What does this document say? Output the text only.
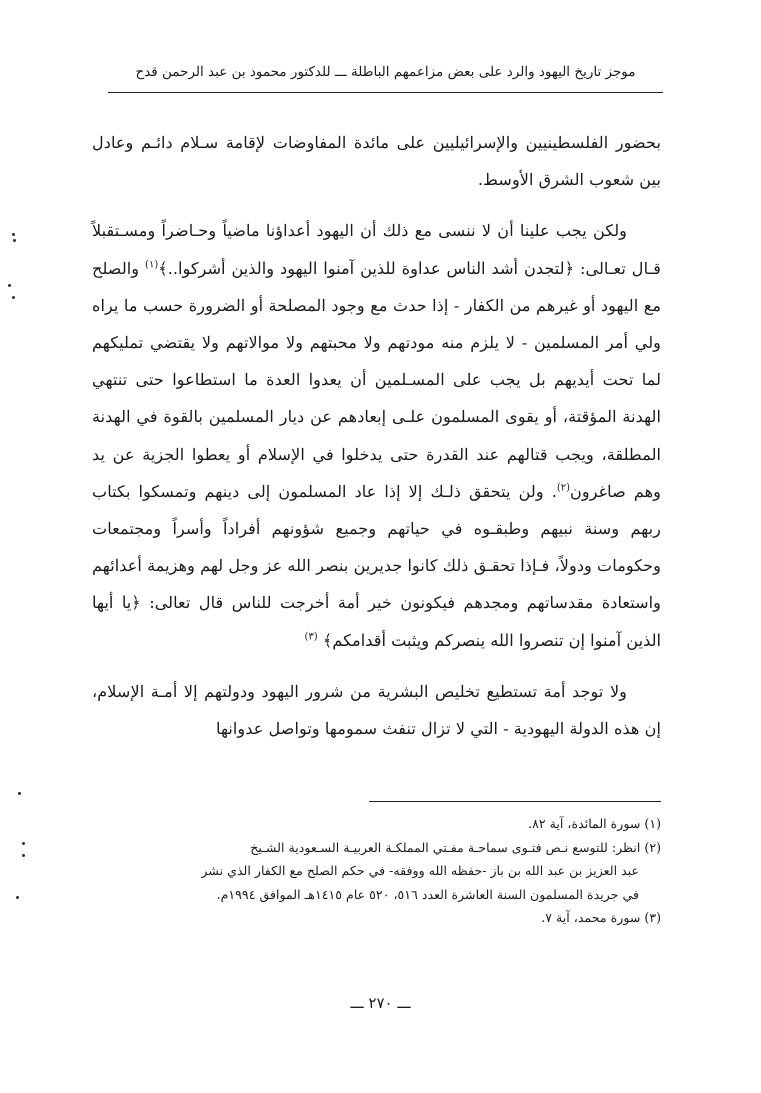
موجز تاريخ اليهود والرد على بعض مزاعمهم الباطلة ـــ للدكتور محمود بن عبد الرحمن قدح

بحضور الفلسطينيين والإسرائيليين على مائدة المفاوضات لإقامة سـلام دائـم وعادل بين شعوب الشرق الأوسط.

ولكن يجب علينا أن لا ننسى مع ذلك أن اليهود أعداؤنا ماضياً وحـاضراً ومسـتقبلاً قـال تعـالى: ﴿لتجدن أشد الناس عداوة للذين آمنوا اليهود والذين أشركوا..﴾$^{(١)}$ والصلح مع اليهود أو غيرهم من الكفار - إذا حدث مع وجود المصلحة أو الضرورة حسب ما يراه ولي أمر المسلمين - لا يلزم منه مودتهم ولا محبتهم ولا موالاتهم ولا يقتضي تمليكهم لما تحت أيديهم بل يجب على المسـلمين أن يعدوا العدة ما استطاعوا حتى تنتهي الهدنة المؤقتة، أو يقوى المسلمون علـى إبعادهم عن ديار المسلمين بالقوة في الهدنة المطلقة، ويجب قتالهم عند القدرة حتى يدخلوا في الإسلام أو يعطوا الجزية عن يد وهم صاغرون$^{(٢)}$. ولن يتحقق ذلـك إلا إذا عاد المسلمون إلى دينهم وتمسكوا بكتاب ربهم وسنة نبيهم وطبقـوه في حياتهم وجميع شؤونهم أفراداً وأسراً ومجتمعات وحكومات ودولاً، فـإذا تحقـق ذلك كانوا جديرين بنصر الله عز وجل لهم وهزيمة أعدائهم واستعادة مقدساتهم ومجدهم فيكونون خير أمة أخرجت للناس قال تعالى: ﴿يا أيها الذين آمنوا إن تنصروا الله ينصركم ويثبت أقدامكم﴾ $^{(٣)}$

ولا توجد أمة تستطيع تخليص البشرية من شرور اليهود ودولتهم إلا أمـة الإسلام، إن هذه الدولة اليهودية - التي لا تزال تنفث سمومها وتواصل عدوانها

(١) سورة المائدة، آية ٨٢.

(٢) انظر: للتوسع نـص فتـوى سماحـة مفـتي المملكـة العربيـة السـعودية الشـيخ

عبد العزيز بن عبد الله بن باز -حفظه الله ووفقه- في حكم الصلح مع الكفار الذي نشر

في جريدة المسلمون السنة العاشرة العدد ٥١٦، ٥٢٠ عام ١٤١٥هـ الموافق ١٩٩٤م.

(٣) سورة محمد، آية ٧.

ـــ ٢٧٠ ـــ
